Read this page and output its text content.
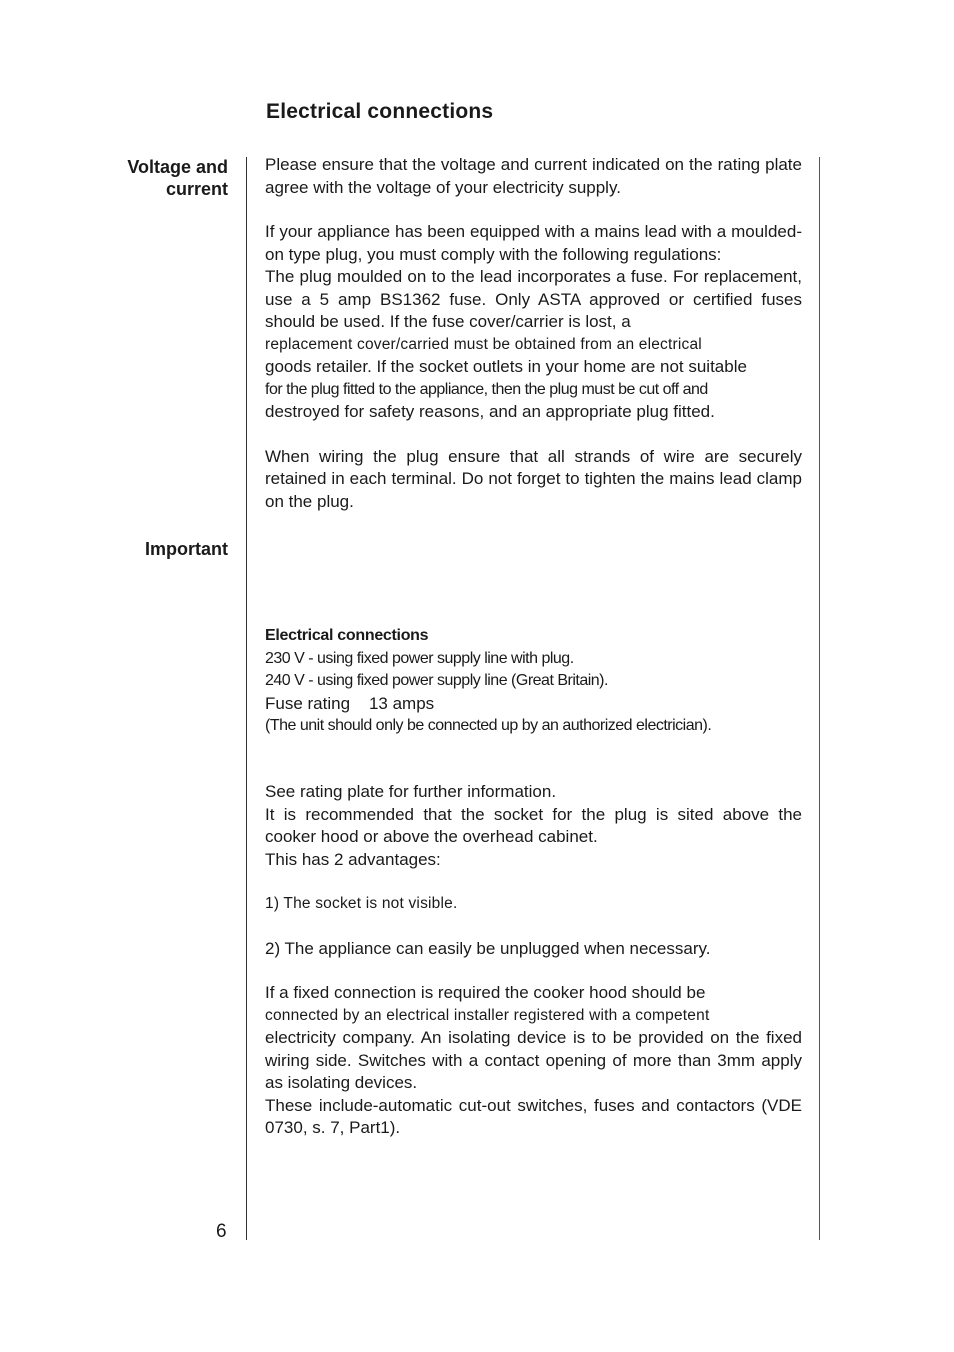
Electrical connections
Voltage and
current
Important

Please ensure that the voltage and current indicated on the rating plate agree with the voltage of your electricity supply.

If your appliance has been equipped with a mains lead with a moulded-on type plug, you must comply with the following regulations:

The plug moulded on to the lead incorporates a fuse. For replacement, use a 5 amp BS1362 fuse. Only ASTA approved or certified fuses should be used. If the fuse cover/carrier is lost, a

replacement cover/carried must be obtained from an electrical

goods retailer. If the socket outlets in your home are not suitable

for the plug fitted to the appliance, then the plug must be cut off and

destroyed for safety reasons, and an appropriate plug fitted.

When wiring the plug ensure that all strands of wire are securely retained in each terminal. Do not forget to tighten the mains lead clamp on the plug.

Electrical connections

230 V - using fixed power supply line with plug.

240 V - using fixed power supply line (Great Britain).

Fuse rating 13 amps

(The unit should only be connected up by an authorized electrician).

See rating plate for further information.

It is recommended that the socket for the plug is sited above the cooker hood or above the overhead cabinet.

This has 2 advantages:

1) The socket is not visible.

2) The appliance can easily be unplugged when necessary.

If a fixed connection is required the cooker hood should be

connected by an electrical installer registered with a competent

electricity company. An isolating device is to be provided on the fixed wiring side. Switches with a contact opening of more than 3mm apply as isolating devices.

These include-automatic cut-out switches, fuses and contactors (VDE 0730, s. 7, Part1).

6
